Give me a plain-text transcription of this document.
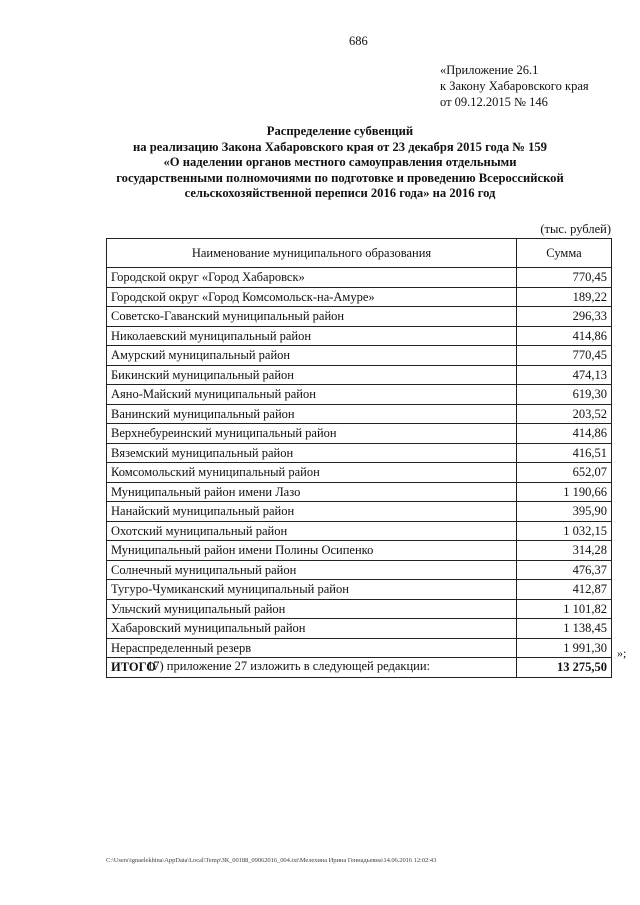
686
«Приложение 26.1
к Закону Хабаровского края
от 09.12.2015 № 146
Распределение субвенций
на реализацию Закона Хабаровского края от 23 декабря 2015 года № 159
«О наделении органов местного самоуправления отдельными
государственными полномочиями по подготовке и проведению Всероссийской
сельскохозяйственной переписи 2016 года» на 2016 год
(тыс. рублей)
Наименование муниципального образования	Сумма
Городской округ «Город Хабаровск»	770,45
Городской округ «Город Комсомольск-на-Амуре»	189,22
Советско-Гаванский муниципальный район	296,33
Николаевский муниципальный район	414,86
Амурский муниципальный район	770,45
Бикинский муниципальный район	474,13
Аяно-Майский муниципальный район	619,30
Ванинский муниципальный район	203,52
Верхнебуреинский муниципальный район	414,86
Вяземский муниципальный район	416,51
Комсомольский муниципальный район	652,07
Муниципальный район имени Лазо	1 190,66
Нанайский муниципальный район	395,90
Охотский муниципальный район	1 032,15
Муниципальный район имени Полины Осипенко	314,28
Солнечный муниципальный район	476,37
Тугуро-Чумиканский муниципальный район	412,87
Ульчский муниципальный район	1 101,82
Хабаровский муниципальный район	1 138,45
Нераспределенный резерв	1 991,30
ИТОГО	13 275,50
»;
17) приложение 27 изложить в следующей редакции:
C:\Users\ignaelekhina\AppData\Local\Temp\ЗК_00188_09062016_004.txt\Мелехина Ирина Геннадьевна\14.06.2016 12:02:43
